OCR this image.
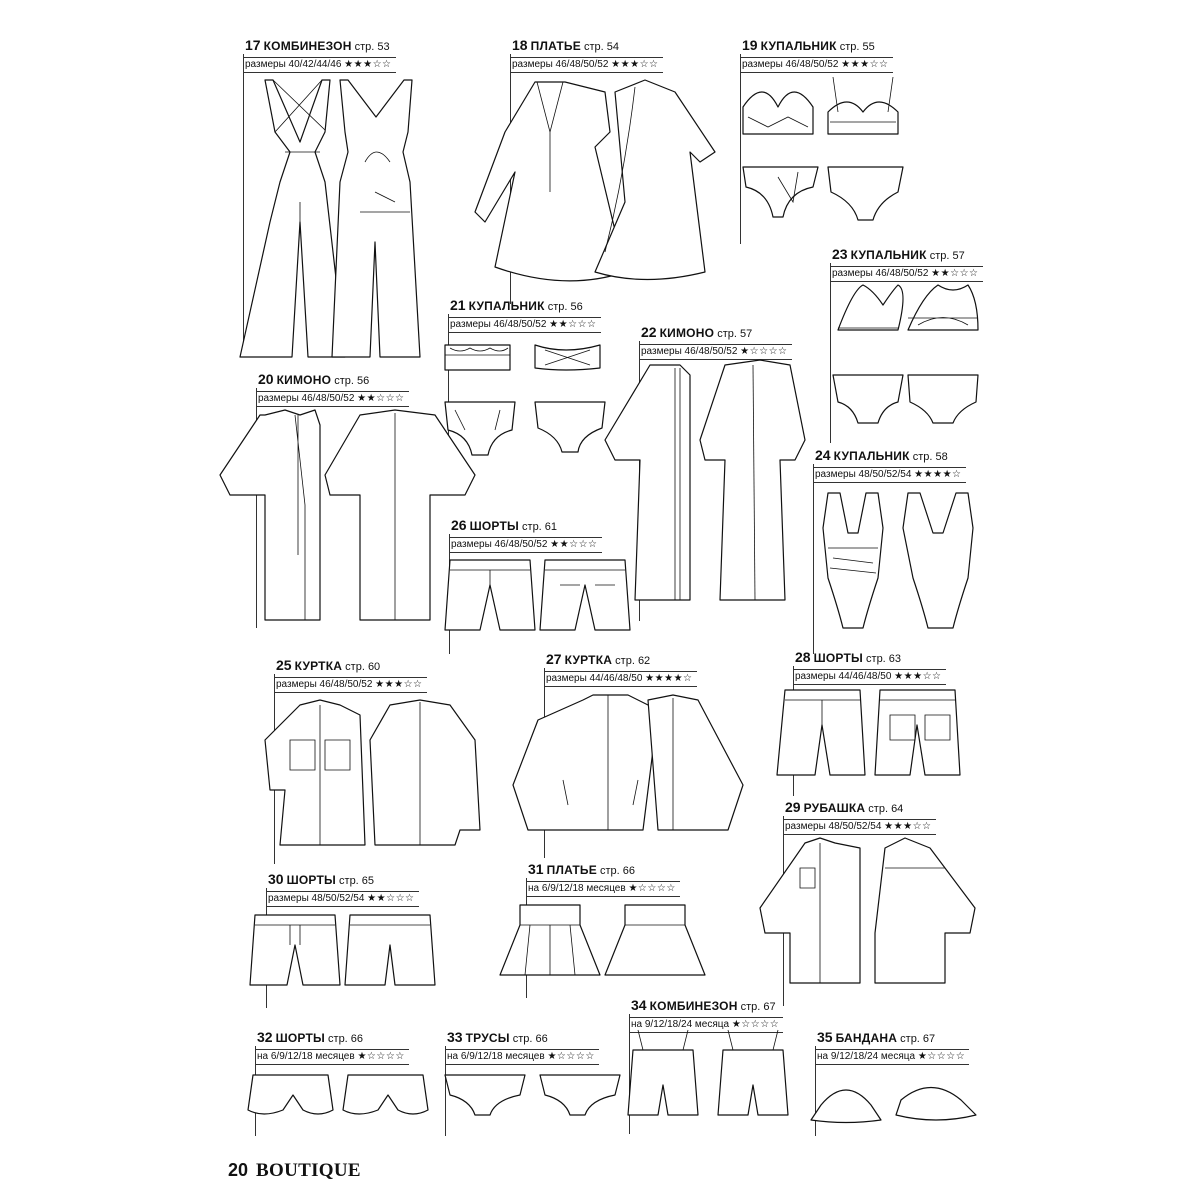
17 КОМБИНЕЗОН стр. 53
размеры 40/42/44/46 ★★★☆☆
18 ПЛАТЬЕ стр. 54
размеры 46/48/50/52 ★★★☆☆
19 КУПАЛЬНИК стр. 55
размеры 46/48/50/52 ★★★☆☆
20 КИМОНО стр. 56
размеры 46/48/50/52 ★★☆☆☆
21 КУПАЛЬНИК стр. 56
размеры 46/48/50/52 ★★☆☆☆	22 КИМОНО стр. 57
размеры 46/48/50/52 ★☆☆☆☆
23 КУПАЛЬНИК стр. 57
размеры 46/48/50/52 ★★☆☆☆
24 КУПАЛЬНИК стр. 58
размеры 48/50/52/54 ★★★★☆
26 ШОРТЫ стр. 61
размеры 46/48/50/52 ★★☆☆☆
25 КУРТКА стр. 60
размеры 46/48/50/52 ★★★☆☆
27 КУРТКА стр. 62
размеры 44/46/48/50 ★★★★☆
28 ШОРТЫ стр. 63
размеры 44/46/48/50 ★★★☆☆
29 РУБАШКА стр. 64
размеры 48/50/52/54 ★★★☆☆
30 ШОРТЫ стр. 65
размеры 48/50/52/54 ★★☆☆☆
31 ПЛАТЬЕ стр. 66
на 6/9/12/18 месяцев ★☆☆☆☆
32 ШОРТЫ стр. 66
на 6/9/12/18 месяцев ★☆☆☆☆
33 ТРУСЫ стр. 66
на 6/9/12/18 месяцев ★☆☆☆☆
34 КОМБИНЕЗОН стр. 67
на 9/12/18/24 месяца ★☆☆☆☆
35 БАНДАНА стр. 67
на 9/12/18/24 месяца ★☆☆☆☆
20 BOUTIQUE
